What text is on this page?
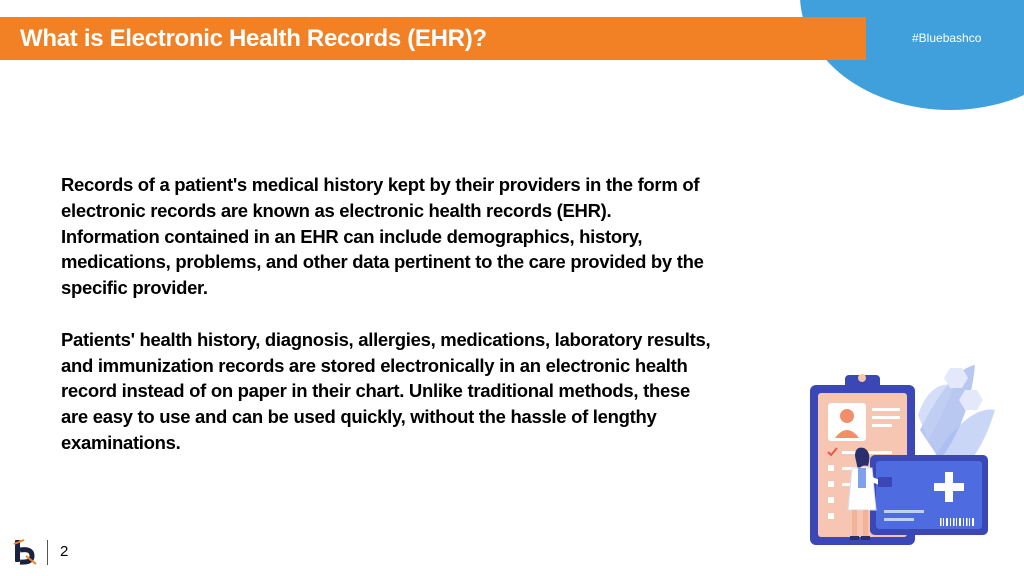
What is Electronic Health Records (EHR)?	#Bluebashco

Records of a patient's medical history kept by their providers in the form of electronic records are known as electronic health records (EHR). Information contained in an EHR can include demographics, history, medications, problems, and other data pertinent to the care provided by the specific provider.

Patients' health history, diagnosis, allergies, medications, laboratory results, and immunization records are stored electronically in an electronic health record instead of on paper in their chart. Unlike traditional methods, these are easy to use and can be used quickly, without the hassle of lengthy examinations.

2
